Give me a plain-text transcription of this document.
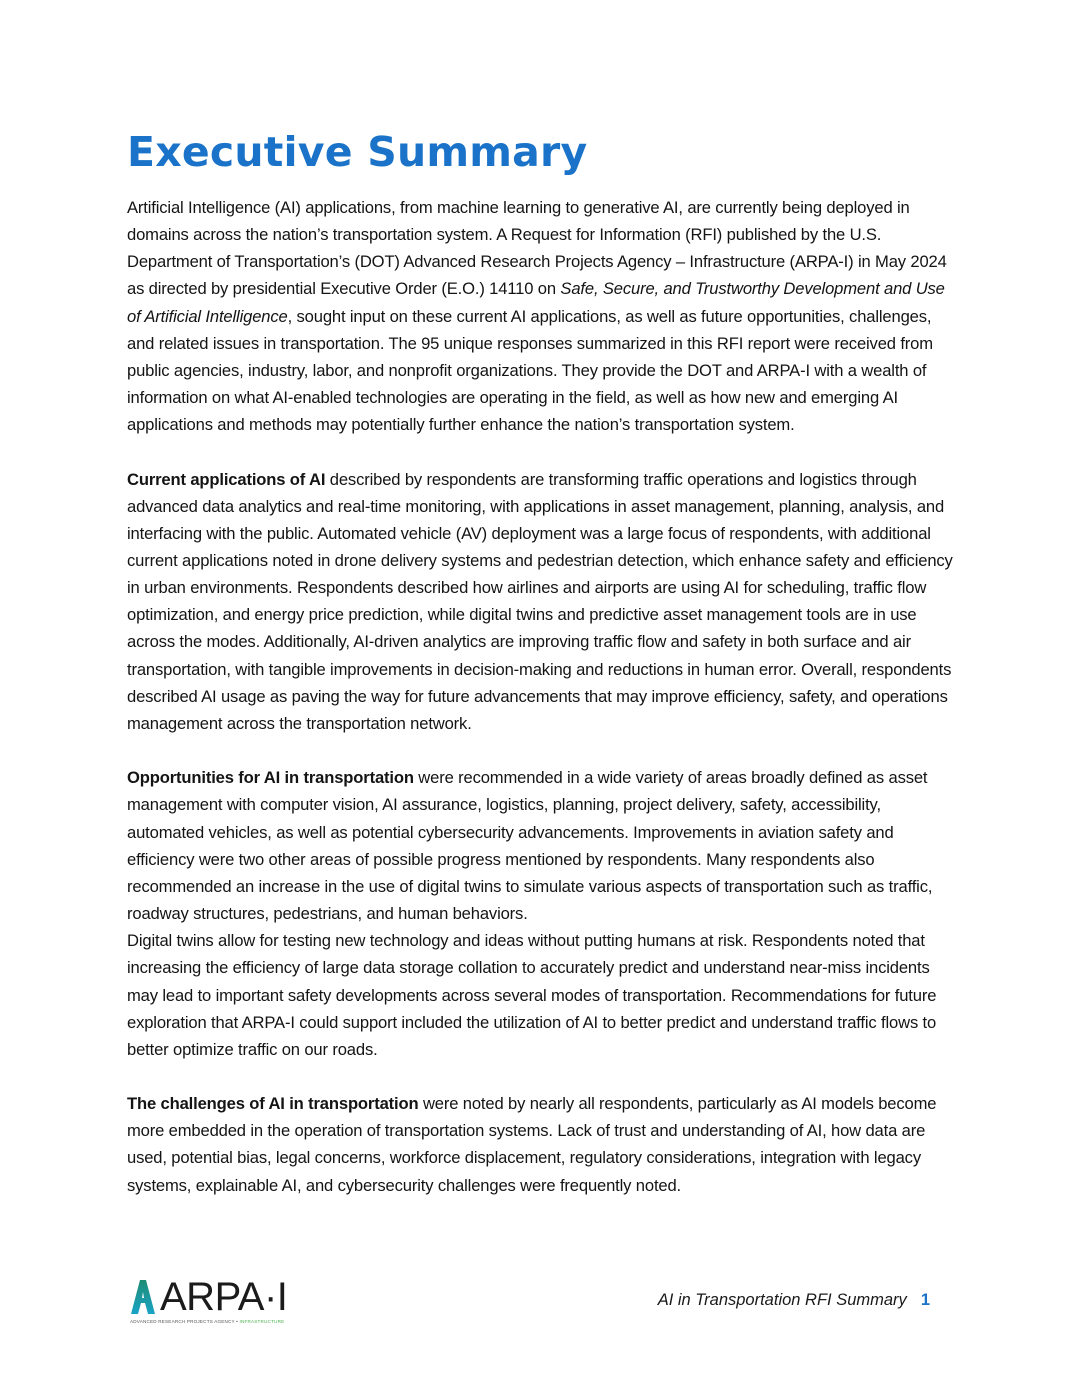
Executive Summary

Artificial Intelligence (AI) applications, from machine learning to generative AI, are currently being deployed in domains across the nation’s transportation system. A Request for Information (RFI) published by the U.S. Department of Transportation’s (DOT) Advanced Research Projects Agency – Infrastructure (ARPA-I) in May 2024 as directed by presidential Executive Order (E.O.) 14110 on Safe, Secure, and Trustworthy Development and Use of Artificial Intelligence, sought input on these current AI applications, as well as future opportunities, challenges, and related issues in transportation. The 95 unique responses summarized in this RFI report were received from public agencies, industry, labor, and nonprofit organizations. They provide the DOT and ARPA-I with a wealth of information on what AI-enabled technologies are operating in the field, as well as how new and emerging AI applications and methods may potentially further enhance the nation’s transportation system.

Current applications of AI described by respondents are transforming traffic operations and logistics through advanced data analytics and real-time monitoring, with applications in asset management, planning, analysis, and interfacing with the public. Automated vehicle (AV) deployment was a large focus of respondents, with additional current applications noted in drone delivery systems and pedestrian detection, which enhance safety and efficiency in urban environments. Respondents described how airlines and airports are using AI for scheduling, traffic flow optimization, and energy price prediction, while digital twins and predictive asset management tools are in use across the modes. Additionally, AI-driven analytics are improving traffic flow and safety in both surface and air transportation, with tangible improvements in decision-making and reductions in human error. Overall, respondents described AI usage as paving the way for future advancements that may improve efficiency, safety, and operations management across the transportation network.

Opportunities for AI in transportation were recommended in a wide variety of areas broadly defined as asset management with computer vision, AI assurance, logistics, planning, project delivery, safety, accessibility, automated vehicles, as well as potential cybersecurity advancements. Improvements in aviation safety and efficiency were two other areas of possible progress mentioned by respondents. Many respondents also recommended an increase in the use of digital twins to simulate various aspects of transportation such as traffic, roadway structures, pedestrians, and human behaviors.

Digital twins allow for testing new technology and ideas without putting humans at risk. Respondents noted that increasing the efficiency of large data storage collation to accurately predict and understand near-miss incidents may lead to important safety developments across several modes of transportation. Recommendations for future exploration that ARPA-I could support included the utilization of AI to better predict and understand traffic flows to better optimize traffic on our roads.

The challenges of AI in transportation were noted by nearly all respondents, particularly as AI models become more embedded in the operation of transportation systems. Lack of trust and understanding of AI, how data are used, potential bias, legal concerns, workforce displacement, regulatory considerations, integration with legacy systems, explainable AI, and cybersecurity challenges were frequently noted.

ARPA·I
ADVANCED RESEARCH PROJECTS AGENCY • INFRASTRUCTURE
AI in Transportation RFI Summary 1
